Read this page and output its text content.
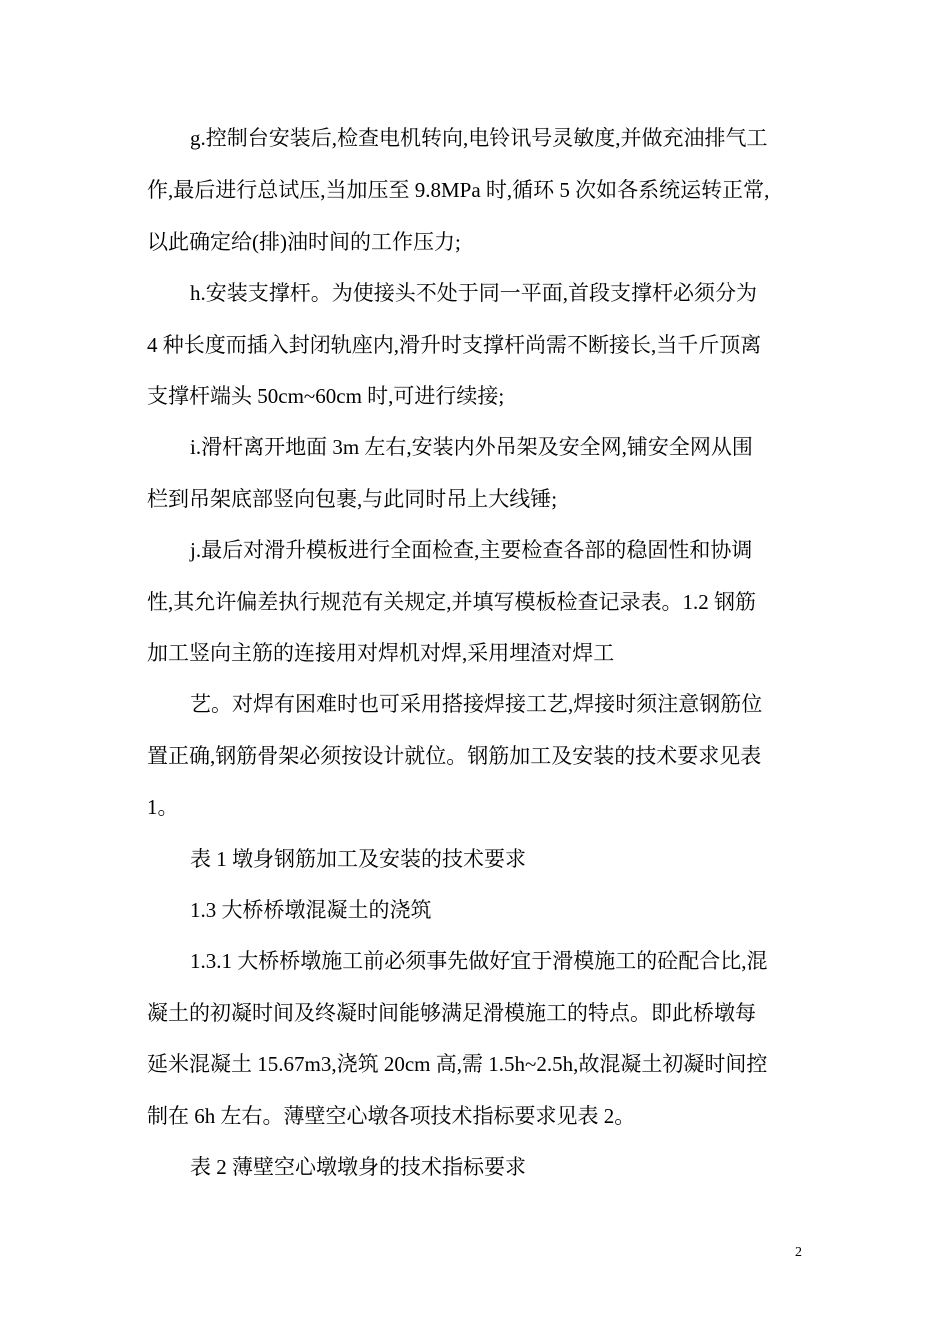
g.控制台安装后,检查电机转向,电铃讯号灵敏度,并做充油排气工
作,最后进行总试压,当加压至 9.8MPa 时,循环 5 次如各系统运转正常,
以此确定给(排)油时间的工作压力;
h.安装支撑杆。为使接头不处于同一平面,首段支撑杆必须分为
4 种长度而插入封闭轨座内,滑升时支撑杆尚需不断接长,当千斤顶离
支撑杆端头 50cm~60cm 时,可进行续接;
i.滑杆离开地面 3m 左右,安装内外吊架及安全网,铺安全网从围
栏到吊架底部竖向包裹,与此同时吊上大线锤;
j.最后对滑升模板进行全面检查,主要检查各部的稳固性和协调
性,其允许偏差执行规范有关规定,并填写模板检查记录表。1.2 钢筋
加工竖向主筋的连接用对焊机对焊,采用埋渣对焊工
艺。对焊有困难时也可采用搭接焊接工艺,焊接时须注意钢筋位
置正确,钢筋骨架必须按设计就位。钢筋加工及安装的技术要求见表
1。
表 1 墩身钢筋加工及安装的技术要求
1.3 大桥桥墩混凝土的浇筑
1.3.1 大桥桥墩施工前必须事先做好宜于滑模施工的砼配合比,混
凝土的初凝时间及终凝时间能够满足滑模施工的特点。即此桥墩每
延米混凝土 15.67m3,浇筑 20cm 高,需 1.5h~2.5h,故混凝土初凝时间控
制在 6h 左右。薄壁空心墩各项技术指标要求见表 2。
表 2 薄壁空心墩墩身的技术指标要求
2
